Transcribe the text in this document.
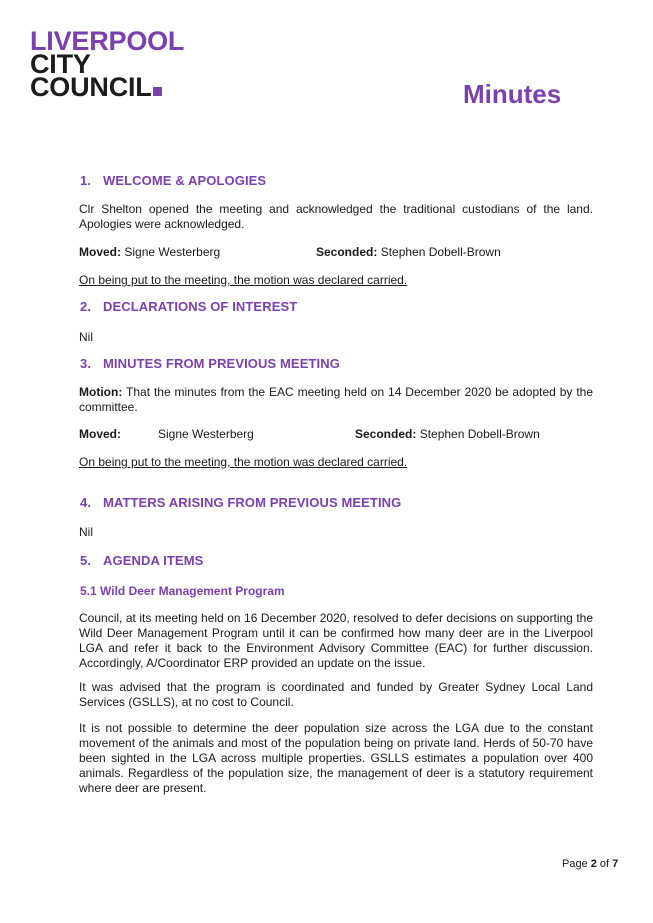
LIVERPOOL
CITY
COUNCIL	Minutes
1. WELCOME & APOLOGIES
Clr Shelton opened the meeting and acknowledged the traditional custodians of the land. Apologies were acknowledged.
Moved: Signe Westerberg	Seconded: Stephen Dobell-Brown
On being put to the meeting, the motion was declared carried.
2. DECLARATIONS OF INTEREST
Nil
3. MINUTES FROM PREVIOUS MEETING
Motion: That the minutes from the EAC meeting held on 14 December 2020 be adopted by the committee.
Moved:	Signe Westerberg	Seconded: Stephen Dobell-Brown
On being put to the meeting, the motion was declared carried.
4. MATTERS ARISING FROM PREVIOUS MEETING
Nil
5. AGENDA ITEMS
5.1 Wild Deer Management Program
Council, at its meeting held on 16 December 2020, resolved to defer decisions on supporting the Wild Deer Management Program until it can be confirmed how many deer are in the Liverpool LGA and refer it back to the Environment Advisory Committee (EAC) for further discussion. Accordingly, A/Coordinator ERP provided an update on the issue.
It was advised that the program is coordinated and funded by Greater Sydney Local Land Services (GSLLS), at no cost to Council.
It is not possible to determine the deer population size across the LGA due to the constant movement of the animals and most of the population being on private land. Herds of 50-70 have been sighted in the LGA across multiple properties. GSLLS estimates a population over 400 animals. Regardless of the population size, the management of deer is a statutory requirement where deer are present.
Page 2 of 7
